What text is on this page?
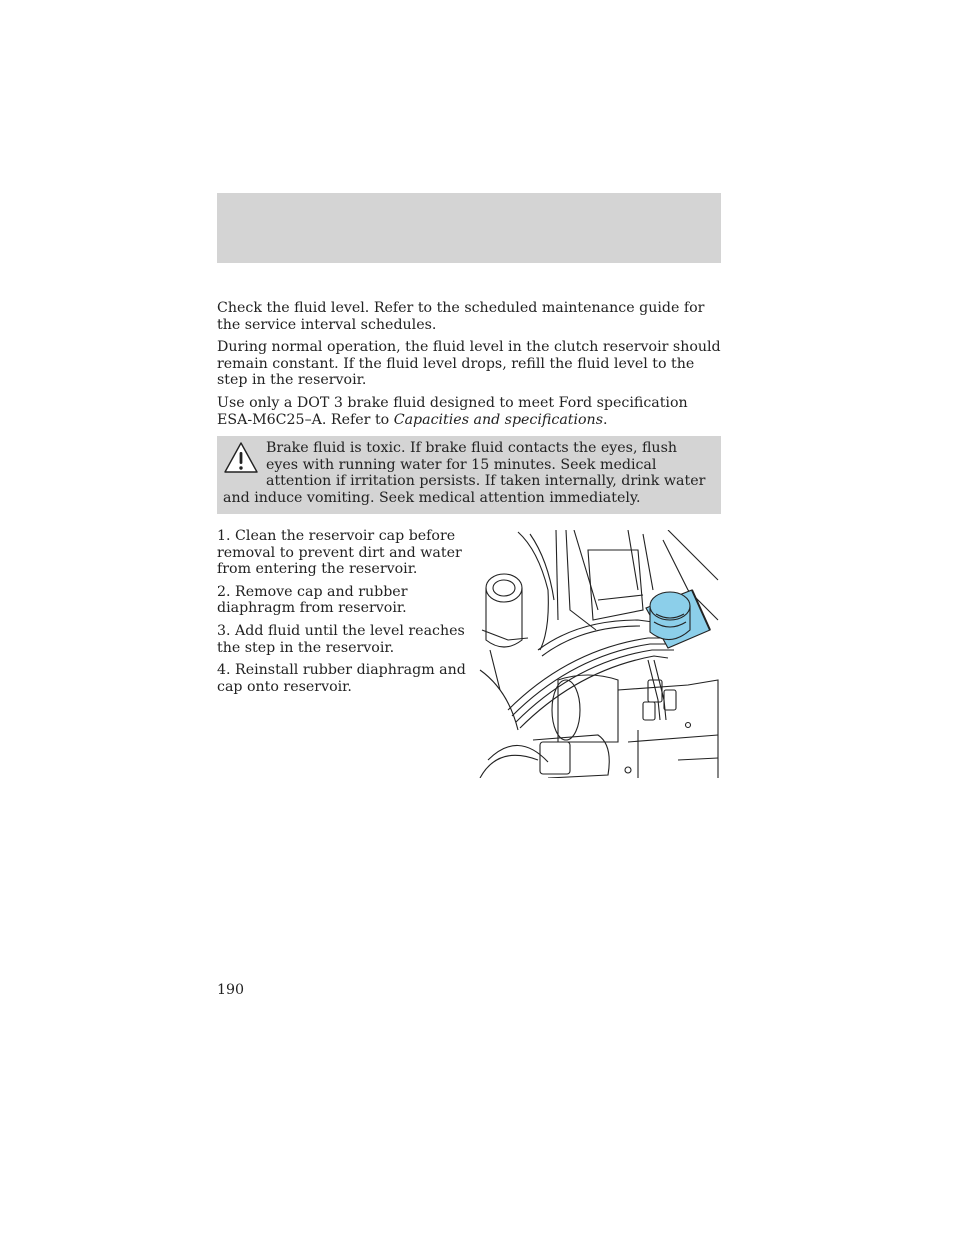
Check the fluid level. Refer to the scheduled maintenance guide for the service interval schedules.

During normal operation, the fluid level in the clutch reservoir should remain constant. If the fluid level drops, refill the fluid level to the step in the reservoir.

Use only a DOT 3 brake fluid designed to meet Ford specification ESA-M6C25–A. Refer to Capacities and specifications.

Brake fluid is toxic. If brake fluid contacts the eyes, flush eyes with running water for 15 minutes. Seek medical attention if irritation persists. If taken internally, drink water and induce vomiting. Seek medical attention immediately.

1. Clean the reservoir cap before removal to prevent dirt and water from entering the reservoir.

2. Remove cap and rubber diaphragm from reservoir.

3. Add fluid until the level reaches the step in the reservoir.

4. Reinstall rubber diaphragm and cap onto reservoir.

190
